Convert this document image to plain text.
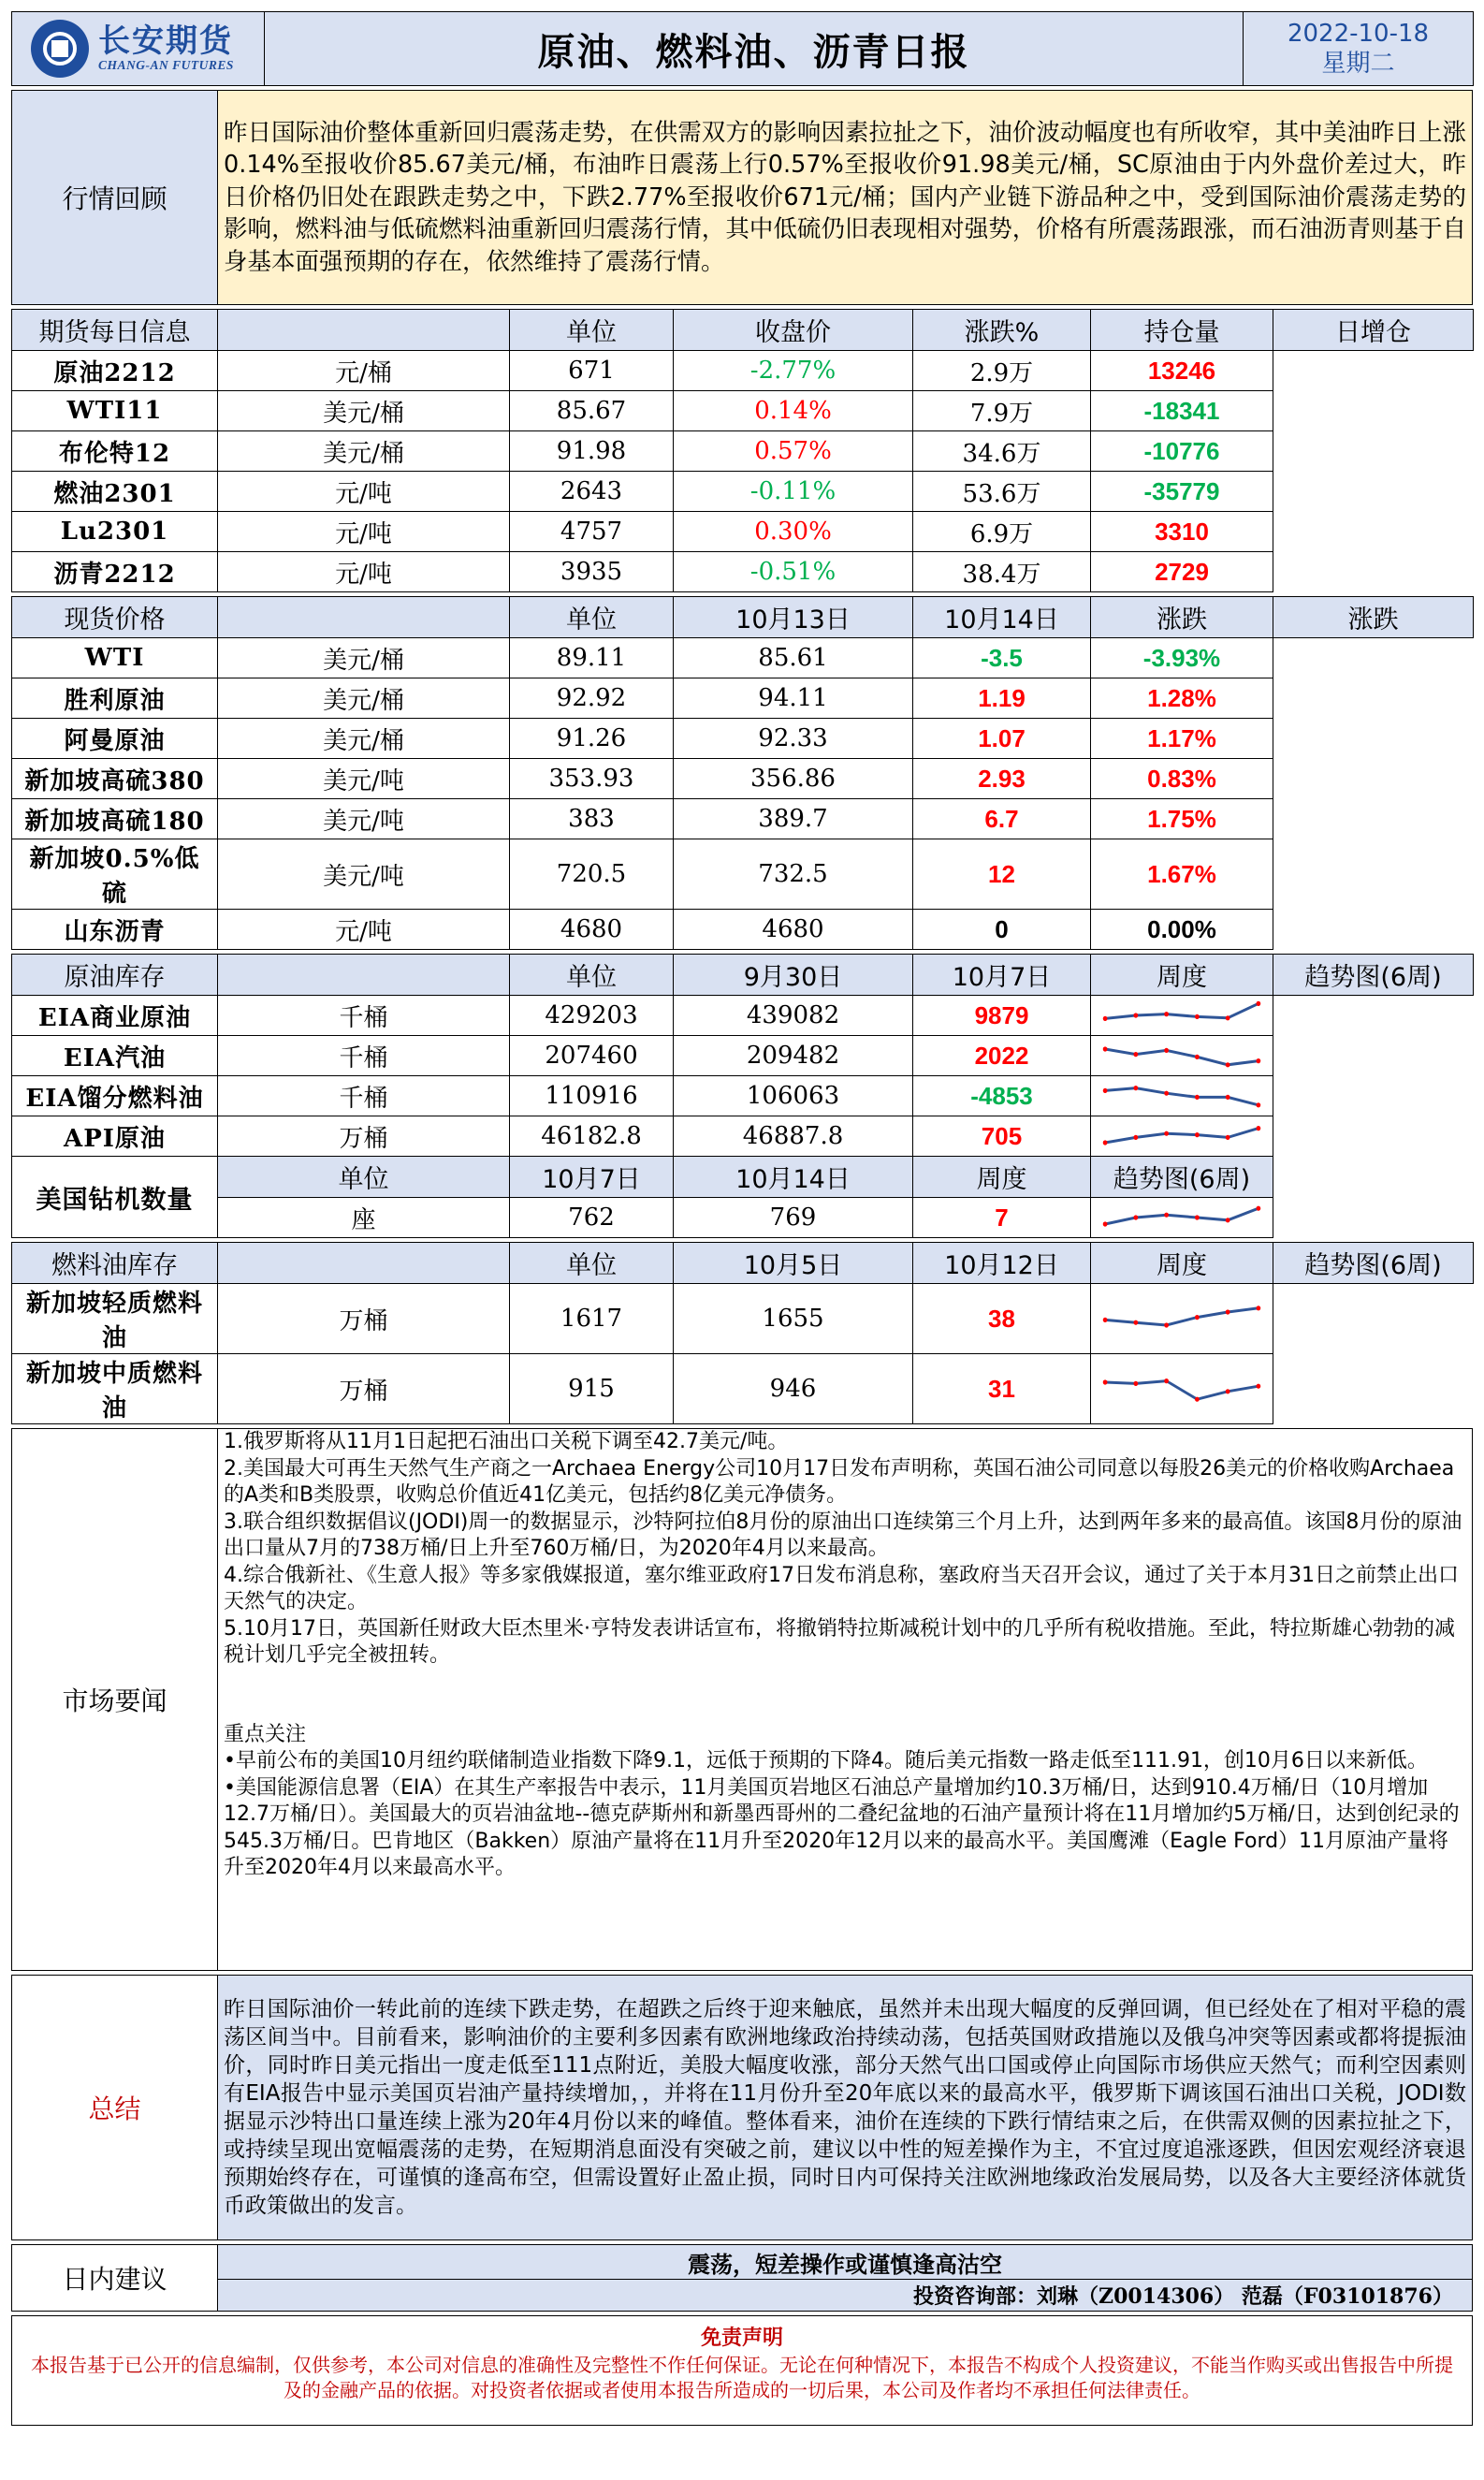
长安期货
CHANG-AN FUTURES	原油、燃料油、沥青日报	2022-10-18
星期二
行情回顾	昨日国际油价整体重新回归震荡走势，在供需双方的影响因素拉扯之下，油价波动幅度也有所收窄，其中美油昨日上涨0.14%至报收价85.67美元/桶，布油昨日震荡上行0.57%至报收价91.98美元/桶，SC原油由于内外盘价差过大，昨日价格仍旧处在跟跌走势之中，下跌2.77%至报收价671元/桶；国内产业链下游品种之中，受到国际油价震荡走势的影响，燃料油与低硫燃料油重新回归震荡行情，其中低硫仍旧表现相对强势，价格有所震荡跟涨，而石油沥青则基于自身基本面强预期的存在，依然维持了震荡行情。
期货每日信息		单位	收盘价	涨跌%	持仓量	日增仓
原油2212	元/桶	671	-2.77%	2.9万	13246	
WTI11	美元/桶	85.67	0.14%	7.9万	-18341	
布伦特12	美元/桶	91.98	0.57%	34.6万	-10776	
燃油2301	元/吨	2643	-0.11%	53.6万	-35779	
Lu2301	元/吨	4757	0.30%	6.9万	3310	
沥青2212	元/吨	3935	-0.51%	38.4万	2729	
现货价格		单位	10月13日	10月14日	涨跌	涨跌
WTI	美元/桶	89.11	85.61	-3.5	-3.93%	
胜利原油	美元/桶	92.92	94.11	1.19	1.28%	
阿曼原油	美元/桶	91.26	92.33	1.07	1.17%	
新加坡高硫380	美元/吨	353.93	356.86	2.93	0.83%	
新加坡高硫180	美元/吨	383	389.7	6.7	1.75%	
新加坡0.5%低硫	美元/吨	720.5	732.5	12	1.67%	
山东沥青	元/吨	4680	4680	0	0.00%	
原油库存		单位	9月30日	10月7日	周度	趋势图(6周)
EIA商业原油	千桶	429203	439082	9879	

EIA汽油	千桶	207460	209482	2022	

EIA馏分燃料油	千桶	110916	106063	-4853	

API原油	万桶	46182.8	46887.8	705	

美国钻机数量	单位	10月7日	10月14日	周度	趋势图(6周)	
	座	762	769	7	
燃料油库存		单位	10月5日	10月12日	周度	趋势图(6周)
新加坡轻质燃料油	万桶	1617	1655	38	

新加坡中质燃料油	万桶	915	946	31	
市场要闻	
1.俄罗斯将从11月1日起把石油出口关税下调至42.7美元/吨。
2.美国最大可再生天然气生产商之一Archaea Energy公司10月17日发布声明称，英国石油公司同意以每股26美元的价格收购Archaea的A类和B类股票，收购总价值近41亿美元，包括约8亿美元净债务。
3.联合组织数据倡议(JODI)周一的数据显示，沙特阿拉伯8月份的原油出口连续第三个月上升，达到两年多来的最高值。该国8月份的原油出口量从7月的738万桶/日上升至760万桶/日，为2020年4月以来最高。
4.综合俄新社、《生意人报》等多家俄媒报道，塞尔维亚政府17日发布消息称，塞政府当天召开会议，通过了关于本月31日之前禁止出口天然气的决定。
5.10月17日，英国新任财政大臣杰里米·亨特发表讲话宣布，将撤销特拉斯减税计划中的几乎所有税收措施。至此，特拉斯雄心勃勃的减税计划几乎完全被扭转。
重点关注
•早前公布的美国10月纽约联储制造业指数下降9.1，远低于预期的下降4。随后美元指数一路走低至111.91，创10月6日以来新低。
•美国能源信息署（EIA）在其生产率报告中表示，11月美国页岩地区石油总产量增加约10.3万桶/日，达到910.4万桶/日（10月增加12.7万桶/日）。美国最大的页岩油盆地--德克萨斯州和新墨西哥州的二叠纪盆地的石油产量预计将在11月增加约5万桶/日，达到创纪录的545.3万桶/日。巴肯地区（Bakken）原油产量将在11月升至2020年12月以来的最高水平。美国鹰滩（Eagle Ford）11月原油产量将升至2020年4月以来最高水平。
总结	昨日国际油价一转此前的连续下跌走势，在超跌之后终于迎来触底，虽然并未出现大幅度的反弹回调，但已经处在了相对平稳的震荡区间当中。目前看来，影响油价的主要利多因素有欧洲地缘政治持续动荡，包括英国财政措施以及俄乌冲突等因素或都将提振油价，同时昨日美元指出一度走低至111点附近，美股大幅度收涨，部分天然气出口国或停止向国际市场供应天然气；而利空因素则有EIA报告中显示美国页岩油产量持续增加，，并将在11月份升至20年底以来的最高水平，俄罗斯下调该国石油出口关税，JODI数据显示沙特出口量连续上涨为20年4月份以来的峰值。整体看来，油价在连续的下跌行情结束之后，在供需双侧的因素拉扯之下，或持续呈现出宽幅震荡的走势，在短期消息面没有突破之前，建议以中性的短差操作为主，不宜过度追涨逐跌，但因宏观经济衰退预期始终存在，可谨慎的逢高布空，但需设置好止盈止损，同时日内可保持关注欧洲地缘政治发展局势，以及各大主要经济体就货币政策做出的发言。
日内建议	震荡，短差操作或谨慎逢高沽空
投资咨询部：刘琳（Z0014306） 范磊（F03101876）
免责声明
本报告基于已公开的信息编制，仅供参考，本公司对信息的准确性及完整性不作任何保证。无论在何种情况下，本报告不构成个人投资建议，不能当作购买或出售报告中所提及的金融产品的依据。对投资者依据或者使用本报告所造成的一切后果，本公司及作者均不承担任何法律责任。
